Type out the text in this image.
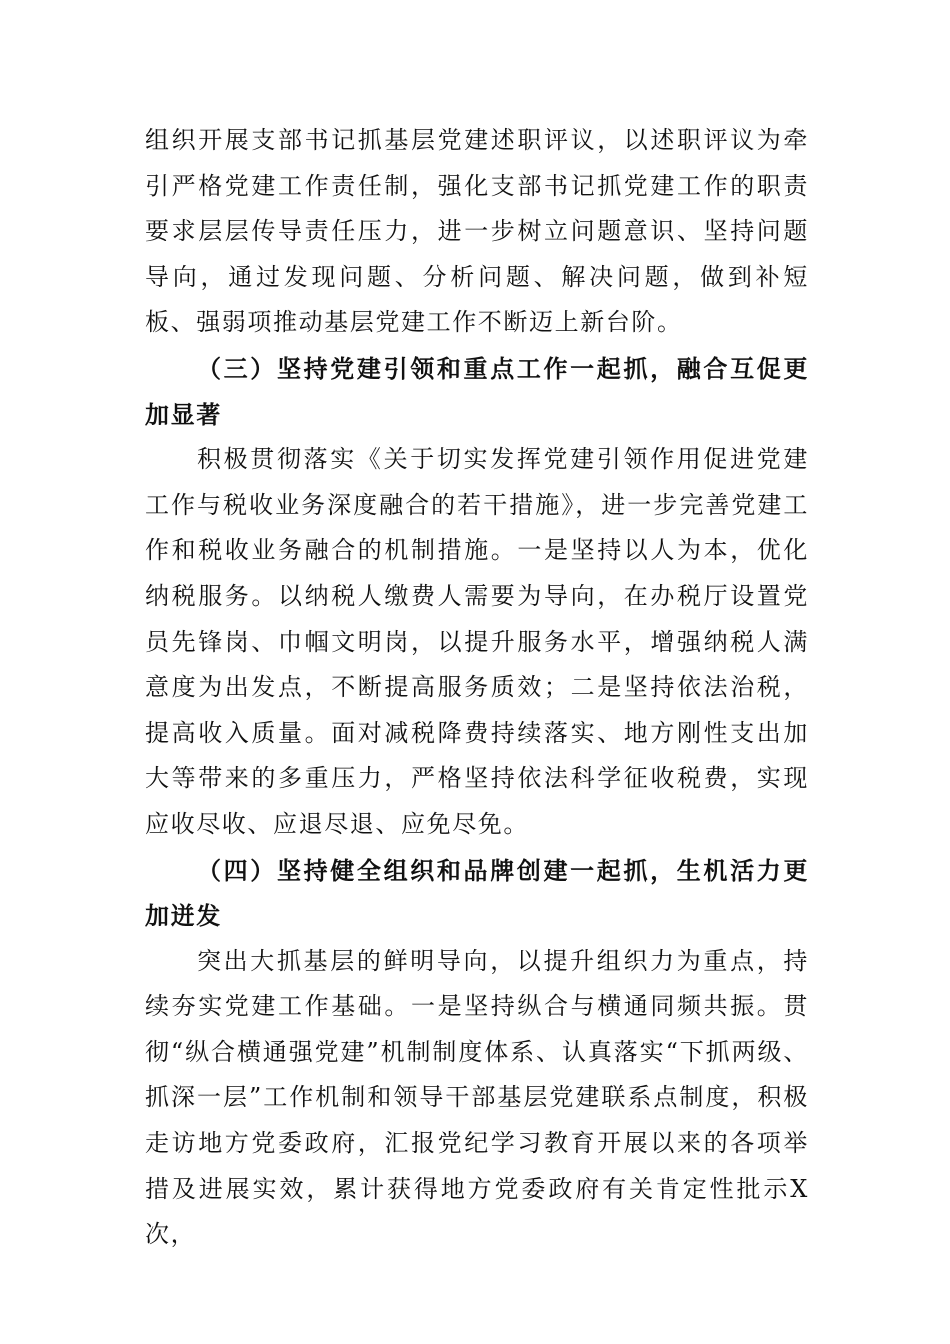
组织开展支部书记抓基层党建述职评议，以述职评议为牵引严格党建工作责任制，强化支部书记抓党建工作的职责要求层层传导责任压力，进一步树立问题意识、坚持问题导向，通过发现问题、分析问题、解决问题，做到补短板、强弱项推动基层党建工作不断迈上新台阶。

（三）坚持党建引领和重点工作一起抓，融合互促更加显著

积极贯彻落实《关于切实发挥党建引领作用促进党建工作与税收业务深度融合的若干措施》，进一步完善党建工作和税收业务融合的机制措施。一是坚持以人为本，优化纳税服务。以纳税人缴费人需要为导向，在办税厅设置党员先锋岗、巾帼文明岗，以提升服务水平，增强纳税人满意度为出发点，不断提高服务质效；二是坚持依法治税，提高收入质量。面对减税降费持续落实、地方刚性支出加大等带来的多重压力，严格坚持依法科学征收税费，实现应收尽收、应退尽退、应免尽免。

（四）坚持健全组织和品牌创建一起抓，生机活力更加迸发

突出大抓基层的鲜明导向，以提升组织力为重点，持续夯实党建工作基础。一是坚持纵合与横通同频共振。贯彻“纵合横通强党建”机制制度体系、认真落实“下抓两级、抓深一层”工作机制和领导干部基层党建联系点制度，积极走访地方党委政府，汇报党纪学习教育开展以来的各项举措及进展实效，累计获得地方党委政府有关肯定性批示X次，
